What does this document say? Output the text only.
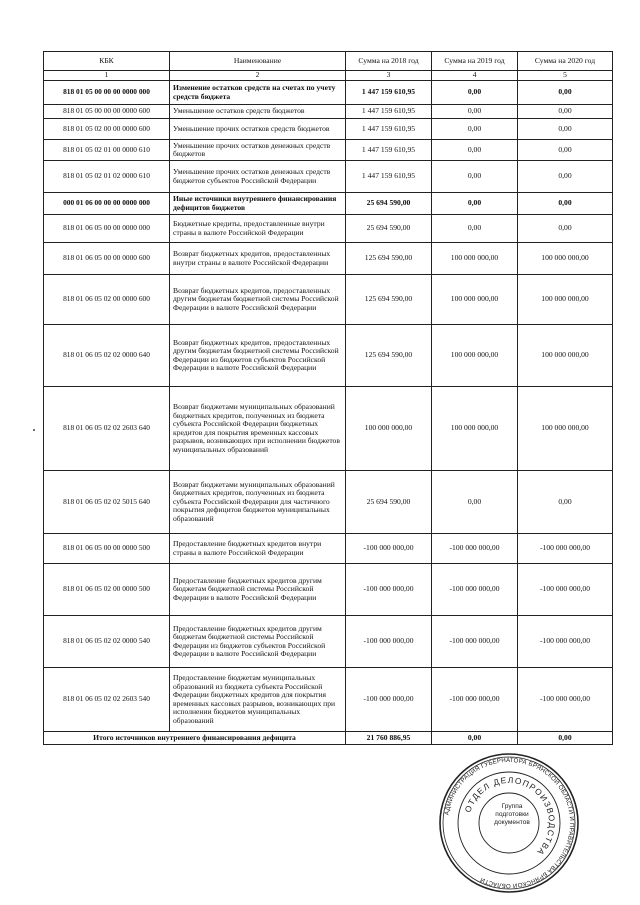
КБК	Наименование	Сумма на 2018 год	Сумма на 2019 год	Сумма на 2020 год
1	2	3	4	5
818 01 05 00 00 00 0000 000	Изменение остатков средств на счетах по учету средств бюджета	1 447 159 610,95	0,00	0,00
818 01 05 00 00 00 0000 600	Уменьшение остатков средств бюджетов	1 447 159 610,95	0,00	0,00
818 01 05 02 00 00 0000 600	Уменьшение прочих остатков средств бюджетов	1 447 159 610,95	0,00	0,00
818 01 05 02 01 00 0000 610	Уменьшение прочих остатков денежных средств бюджетов	1 447 159 610,95	0,00	0,00
818 01 05 02 01 02 0000 610	Уменьшение прочих остатков денежных средств бюджетов субъектов Российской Федерации	1 447 159 610,95	0,00	0,00
000 01 06 00 00 00 0000 000	Иные источники внутреннего финансирования дефицитов бюджетов	25 694 590,00	0,00	0,00
818 01 06 05 00 00 0000 000	Бюджетные кредиты, предоставленные внутри страны в валюте Российской Федерации	25 694 590,00	0,00	0,00
818 01 06 05 00 00 0000 600	Возврат бюджетных кредитов, предоставленных внутри страны в валюте Российской Федерации	125 694 590,00	100 000 000,00	100 000 000,00
818 01 06 05 02 00 0000 600	Возврат бюджетных кредитов, предоставленных другим бюджетам бюджетной системы Российской Федерации в валюте Российской Федерации	125 694 590,00	100 000 000,00	100 000 000,00
818 01 06 05 02 02 0000 640	Возврат бюджетных кредитов, предоставленных другим бюджетам бюджетной системы Российской Федерации из бюджетов субъектов Российской Федерации в валюте Российской Федерации	125 694 590,00	100 000 000,00	100 000 000,00
818 01 06 05 02 02 2603 640	Возврат бюджетами муниципальных образований бюджетных кредитов, полученных из бюджета субъекта Российской Федерации бюджетных кредитов для покрытия временных кассовых разрывов, возникающих при исполнении бюджетов муниципальных образований	100 000 000,00	100 000 000,00	100 000 000,00
818 01 06 05 02 02 5015 640	Возврат бюджетами муниципальных образований бюджетных кредитов, полученных из бюджета субъекта Российской Федерации для частичного покрытия дефицитов бюджетов муниципальных образований	25 694 590,00	0,00	0,00
818 01 06 05 00 00 0000 500	Предоставление бюджетных кредитов внутри страны в валюте Российской Федерации	-100 000 000,00	-100 000 000,00	-100 000 000,00
818 01 06 05 02 00 0000 500	Предоставление бюджетных кредитов другим бюджетам бюджетной системы Российской Федерации в валюте Российской Федерации	-100 000 000,00	-100 000 000,00	-100 000 000,00
818 01 06 05 02 02 0000 540	Предоставление бюджетных кредитов другим бюджетам бюджетной системы Российской Федерации из бюджетов субъектов Российской Федерации в валюте Российской Федерации	-100 000 000,00	-100 000 000,00	-100 000 000,00
818 01 06 05 02 02 2603 540	Предоставление бюджетам муниципальных образований из бюджета субъекта Российской Федерации бюджетных кредитов для покрытия временных кассовых разрывов, возникающих при исполнении бюджетов муниципальных образований	-100 000 000,00	-100 000 000,00	-100 000 000,00
Итого источников внутреннего финансирования дефицита		21 760 886,95	0,00	0,00
АДМИНИСТРАЦИЯ ГУБЕРНАТОРА БРЯНСКОЙ ОБЛАСТИ И ПРАВИТЕЛЬСТВА БРЯНСКОЙ ОБЛАСТИ
ОТДЕЛ ДЕЛОПРОИЗВОДСТВА
Группа подготовки документов
